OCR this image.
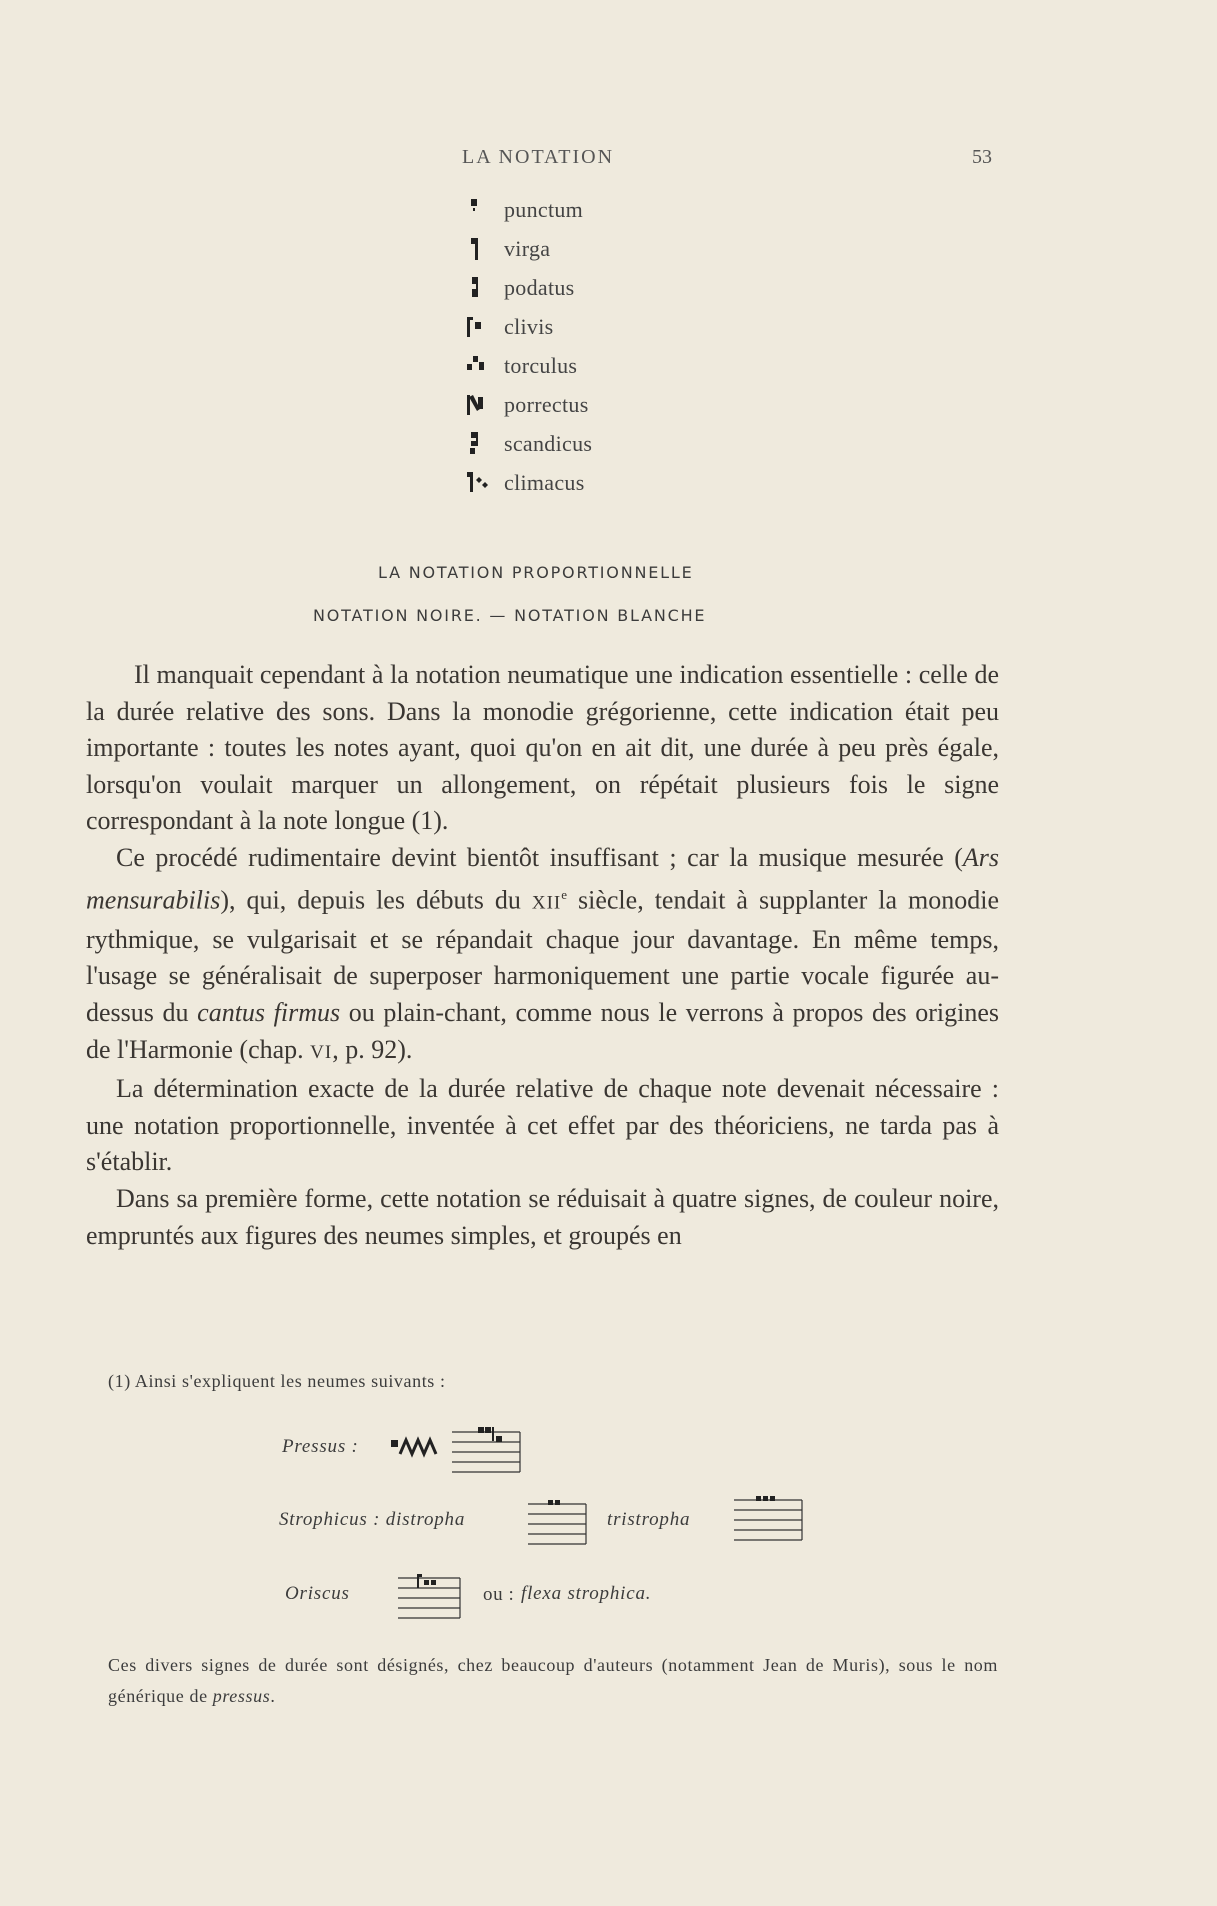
LA NOTATION	53
punctum
virga
podatus
clivis
torculus
porrectus
scandicus
climacus
LA NOTATION PROPORTIONNELLE
NOTATION NOIRE. — NOTATION BLANCHE

Il manquait cependant à la notation neumatique une indication essentielle : celle de la durée relative des sons. Dans la monodie grégorienne, cette indication était peu importante : toutes les notes ayant, quoi qu'on en ait dit, une durée à peu près égale, lorsqu'on voulait marquer un allongement, on répétait plusieurs fois le signe correspondant à la note longue (1).

Ce procédé rudimentaire devint bientôt insuffisant ; car la musique mesurée (Ars mensurabilis), qui, depuis les débuts du XIIe siècle, tendait à supplanter la monodie rythmique, se vulgarisait et se répandait chaque jour davantage. En même temps, l'usage se généralisait de superposer harmoniquement une partie vocale figurée au-dessus du cantus firmus ou plain-chant, comme nous le verrons à propos des origines de l'Harmonie (chap. VI, p. 92).

La détermination exacte de la durée relative de chaque note devenait nécessaire : une notation proportionnelle, inventée à cet effet par des théoriciens, ne tarda pas à s'établir.

Dans sa première forme, cette notation se réduisait à quatre signes, de couleur noire, empruntés aux figures des neumes simples, et groupés en

(1) Ainsi s'expliquent les neumes suivants :
Pressus :
Strophicus : distropha	tristropha
Oriscus	ou : flexa strophica.
Ces divers signes de durée sont désignés, chez beaucoup d'auteurs (notamment Jean de Muris), sous le nom générique de pressus.
